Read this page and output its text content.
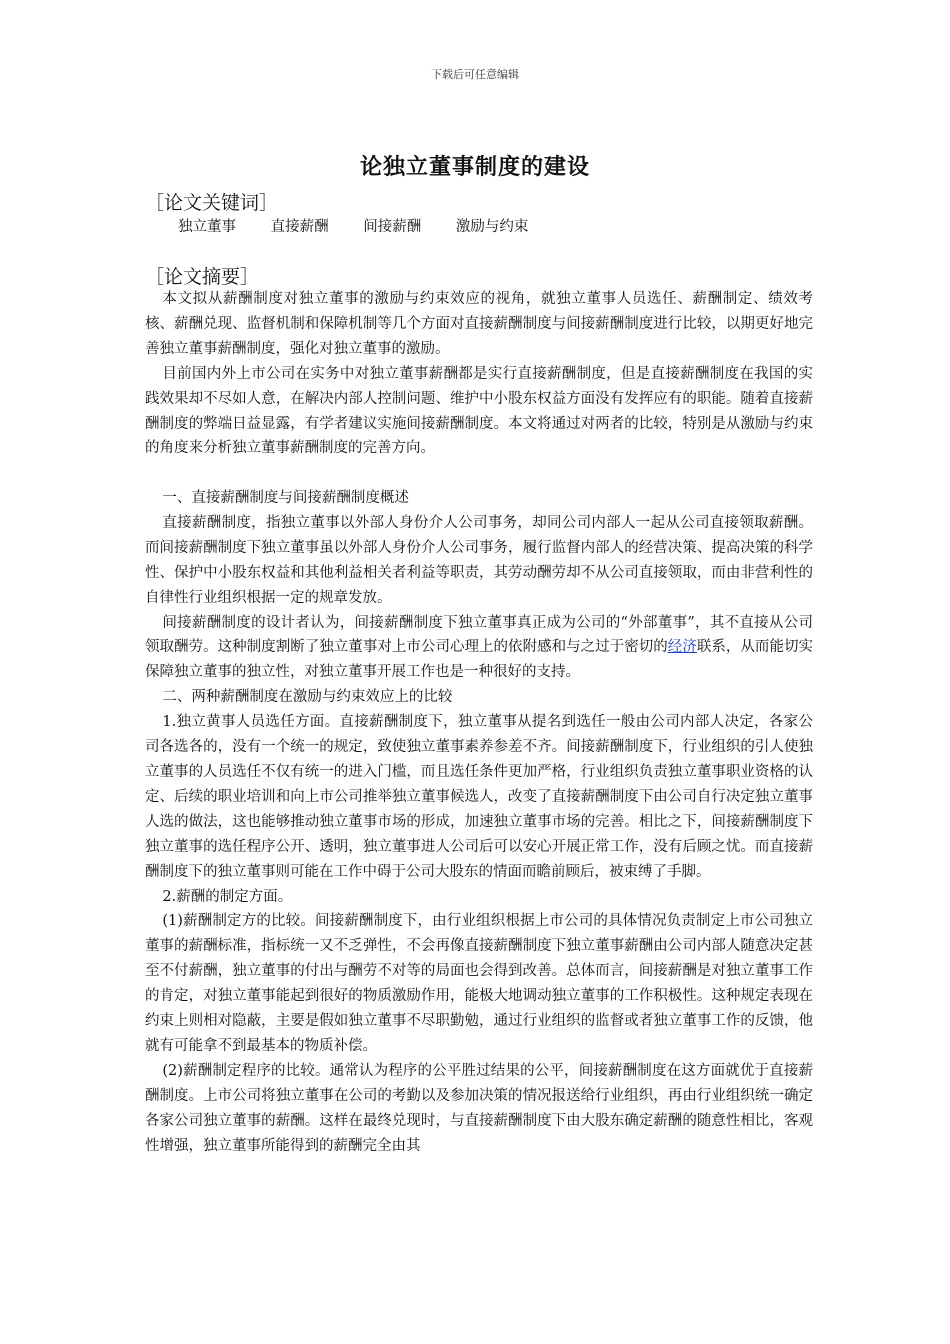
下载后可任意编辑
论独立董事制度的建设
［论文关键词］
独立董事 直接薪酬 间接薪酬 激励与约束
［论文摘要］

本文拟从薪酬制度对独立董事的激励与约束效应的视角，就独立董事人员选任、薪酬制定、绩效考核、薪酬兑现、监督机制和保障机制等几个方面对直接薪酬制度与间接薪酬制度进行比较，以期更好地完善独立董事薪酬制度，强化对独立董事的激励。

目前国内外上市公司在实务中对独立董事薪酬都是实行直接薪酬制度，但是直接薪酬制度在我国的实践效果却不尽如人意，在解决内部人控制问题、维护中小股东权益方面没有发挥应有的职能。随着直接薪酬制度的弊端日益显露，有学者建议实施间接薪酬制度。本文将通过对两者的比较，特别是从激励与约束的角度来分析独立董事薪酬制度的完善方向。

一、直接薪酬制度与间接薪酬制度概述

直接薪酬制度，指独立董事以外部人身份介人公司事务，却同公司内部人一起从公司直接领取薪酬。而间接薪酬制度下独立董事虽以外部人身份介人公司事务，履行监督内部人的经营决策、提高决策的科学性、保护中小股东权益和其他利益相关者利益等职责，其劳动酬劳却不从公司直接领取，而由非营利性的自律性行业组织根据一定的规章发放。

间接薪酬制度的设计者认为，间接薪酬制度下独立董事真正成为公司的“外部董事”，其不直接从公司领取酬劳。这种制度割断了独立董事对上市公司心理上的依附感和与之过于密切的经济联系，从而能切实保障独立董事的独立性，对独立董事开展工作也是一种很好的支持。

二、两种薪酬制度在激励与约束效应上的比较

1.独立黄事人员选任方面。直接薪酬制度下，独立董事从提名到选任一般由公司内部人决定，各家公司各选各的，没有一个统一的规定，致使独立董事素养参差不齐。间接薪酬制度下，行业组织的引人使独立董事的人员选任不仅有统一的进入门槛，而且选任条件更加严格，行业组织负责独立董事职业资格的认定、后续的职业培训和向上市公司推举独立董事候选人，改变了直接薪酬制度下由公司自行决定独立董事人选的做法，这也能够推动独立董事市场的形成，加速独立董事市场的完善。相比之下，间接薪酬制度下独立董事的选任程序公开、透明，独立董事进人公司后可以安心开展正常工作，没有后顾之忧。而直接薪酬制度下的独立董事则可能在工作中碍于公司大股东的情面而瞻前顾后，被束缚了手脚。

2.薪酬的制定方面。

(1)薪酬制定方的比较。间接薪酬制度下，由行业组织根据上市公司的具体情况负责制定上市公司独立董事的薪酬标准，指标统一又不乏弹性，不会再像直接薪酬制度下独立董事薪酬由公司内部人随意决定甚至不付薪酬，独立董事的付出与酬劳不对等的局面也会得到改善。总体而言，间接薪酬是对独立董事工作的肯定，对独立董事能起到很好的物质激励作用，能极大地调动独立董事的工作积极性。这种规定表现在约束上则相对隐蔽，主要是假如独立董事不尽职勤勉，通过行业组织的监督或者独立董事工作的反馈，他就有可能拿不到最基本的物质补偿。

(2)薪酬制定程序的比较。通常认为程序的公平胜过结果的公平，间接薪酬制度在这方面就优于直接薪酬制度。上市公司将独立董事在公司的考勤以及参加决策的情况报送给行业组织，再由行业组织统一确定各家公司独立董事的薪酬。这样在最终兑现时，与直接薪酬制度下由大股东确定薪酬的随意性相比，客观性增强，独立董事所能得到的薪酬完全由其
